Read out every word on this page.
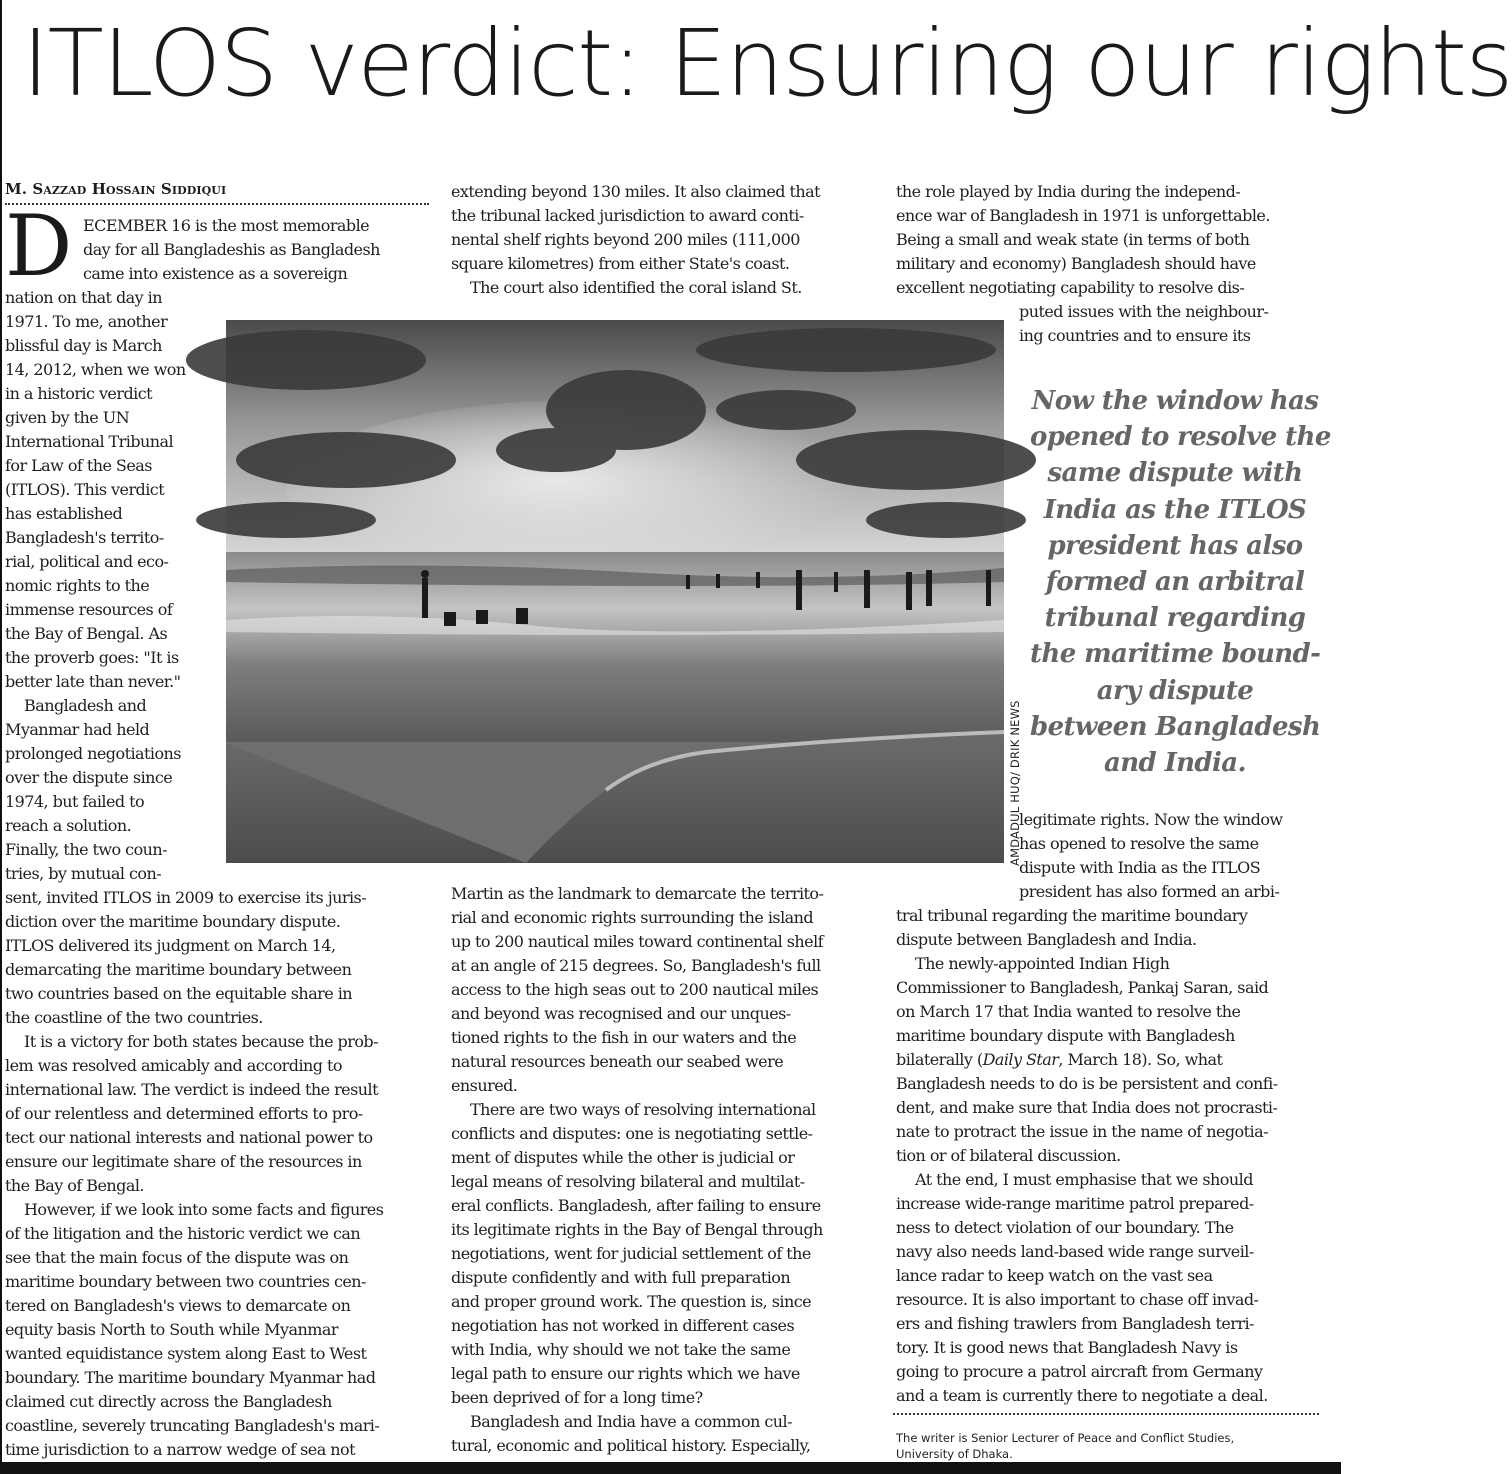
ITLOS verdict: Ensuring our rights
M. Sazzad Hossain Siddiqui
D ECEMBER 16 is the most memorable
day for all Bangladeshis as Bangladesh
came into existence as a sovereign
nation on that day in
1971. To me, another
blissful day is March
14, 2012, when we won
in a historic verdict
given by the UN
International Tribunal
for Law of the Seas
(ITLOS). This verdict
has established
Bangladesh's territo-
rial, political and eco-
nomic rights to the
immense resources of
the Bay of Bengal. As
the proverb goes: "It is
better late than never."
Bangladesh and
Myanmar had held
prolonged negotiations
over the dispute since
1974, but failed to
reach a solution.
Finally, the two coun-
tries, by mutual con-
sent, invited ITLOS in 2009 to exercise its juris-
diction over the maritime boundary dispute.
ITLOS delivered its judgment on March 14,
demarcating the maritime boundary between
two countries based on the equitable share in
the coastline of the two countries.
It is a victory for both states because the prob-
lem was resolved amicably and according to
international law. The verdict is indeed the result
of our relentless and determined efforts to pro-
tect our national interests and national power to
ensure our legitimate share of the resources in
the Bay of Bengal.
However, if we look into some facts and figures
of the litigation and the historic verdict we can
see that the main focus of the dispute was on
maritime boundary between two countries cen-
tered on Bangladesh's views to demarcate on
equity basis North to South while Myanmar
wanted equidistance system along East to West
boundary. The maritime boundary Myanmar had
claimed cut directly across the Bangladesh
coastline, severely truncating Bangladesh's mari-
time jurisdiction to a narrow wedge of sea not
extending beyond 130 miles. It also claimed that
the tribunal lacked jurisdiction to award conti-
nental shelf rights beyond 200 miles (111,000
square kilometres) from either State's coast.
The court also identified the coral island St.
Martin as the landmark to demarcate the territo-
rial and economic rights surrounding the island
up to 200 nautical miles toward continental shelf
at an angle of 215 degrees. So, Bangladesh's full
access to the high seas out to 200 nautical miles
and beyond was recognised and our unques-
tioned rights to the fish in our waters and the
natural resources beneath our seabed were
ensured.
There are two ways of resolving international
conflicts and disputes: one is negotiating settle-
ment of disputes while the other is judicial or
legal means of resolving bilateral and multilat-
eral conflicts. Bangladesh, after failing to ensure
its legitimate rights in the Bay of Bengal through
negotiations, went for judicial settlement of the
dispute confidently and with full preparation
and proper ground work. The question is, since
negotiation has not worked in different cases
with India, why should we not take the same
legal path to ensure our rights which we have
been deprived of for a long time?
Bangladesh and India have a common cul-
tural, economic and political history. Especially,
the role played by India during the independ-
ence war of Bangladesh in 1971 is unforgettable.
Being a small and weak state (in terms of both
military and economy) Bangladesh should have
excellent negotiating capability to resolve dis-
puted issues with the neighbour-
ing countries and to ensure its
legitimate rights. Now the window
has opened to resolve the same
dispute with India as the ITLOS
president has also formed an arbi-
tral tribunal regarding the maritime boundary
dispute between Bangladesh and India.
The newly-appointed Indian High
Commissioner to Bangladesh, Pankaj Saran, said
on March 17 that India wanted to resolve the
maritime boundary dispute with Bangladesh
bilaterally (Daily Star, March 18). So, what
Bangladesh needs to do is be persistent and confi-
dent, and make sure that India does not procrasti-
nate to protract the issue in the name of negotia-
tion or of bilateral discussion.
At the end, I must emphasise that we should
increase wide-range maritime patrol prepared-
ness to detect violation of our boundary. The
navy also needs land-based wide range surveil-
lance radar to keep watch on the vast sea
resource. It is also important to chase off invad-
ers and fishing trawlers from Bangladesh terri-
tory. It is good news that Bangladesh Navy is
going to procure a patrol aircraft from Germany
and a team is currently there to negotiate a deal.
AMDADUL HUQ/ DRIK NEWS
Now the window has
opened to resolve the
same dispute with
India as the ITLOS
president has also
formed an arbitral
tribunal regarding
the maritime bound-
ary dispute
between Bangladesh
and India.
The writer is Senior Lecturer of Peace and Conflict Studies,
University of Dhaka.
